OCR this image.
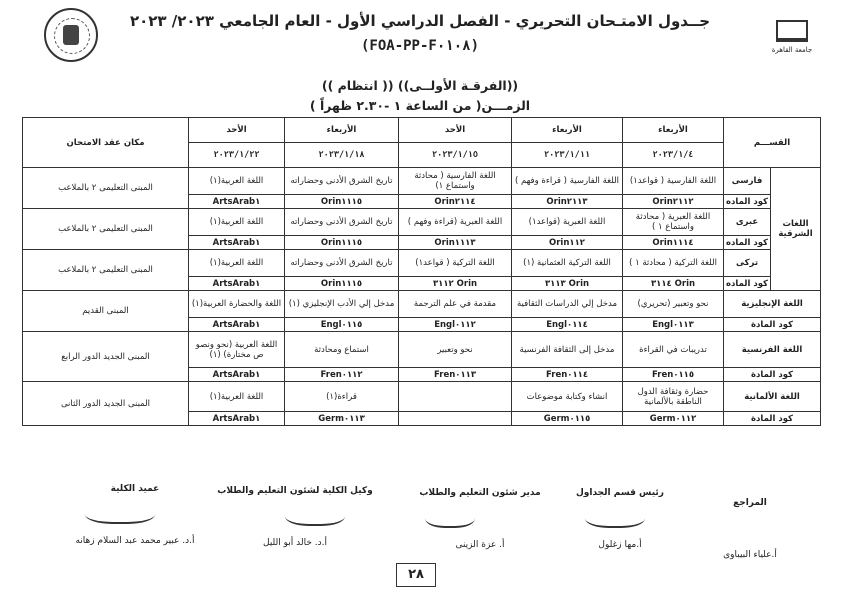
جامعة القاهرة
جــدول الامتـحان التحريري - الفصل الدراسي الأول - العام الجامعي ٢٠٢٣/ ٢٠٢٣
(FOA-PP-F٠١٠٨)
((الفرقـة الأولــى)) (( انتظام ))
الزمـــن( من الساعة ١ -٢.٣٠ ظهراً )
القســـم		الأربعاء	الأربعاء	الأحد	الأربعاء	الأحد	مكان عقد الامتحان
		٢٠٢٣/١/٤	٢٠٢٣/١/١١	٢٠٢٣/١/١٥	٢٠٢٣/١/١٨	٢٠٢٣/١/٢٢	
اللغات الشرقية	فارسى	اللغة الفارسية ( قواعد١)	اللغة الفارسية ( قراءة وفهم )	اللغة الفارسية ( محادثة واستماع ١)	تاريخ الشرق الأدنى وحضاراته	اللغة العربية(١)	المبنى التعليمى ٢ بالملاعب
	كود الماده	Orin٢١١٢	Orin٢١١٣	Orin٢١١٤	Orin١١١٥	ArtsArab١	
	عبرى	اللغة العبرية ( محادثة واستماع ١ )	اللغة العبرية (قواعد١)	اللغة العبرية (قراءة وفهم )	تاريخ الشرق الأدنى وحضاراته	اللغة العربية(١)	المبنى التعليمى ٢ بالملاعب
	كود الماده	Orin١١١٤	Orin١١٢	Orin١١١٣	Orin١١١٥	ArtsArab١	
	تركى	اللغة التركية ( محادثة ١ )	اللغة التركية العثمانية (١)	اللغة التركية ( قواعد١)	تاريخ الشرق الأدنى وحضاراته	اللغة العربية(١)	المبنى التعليمى ٢ بالملاعب
	كود الماده	Orin ٣١١٤	Orin ٣١١٣	Orin ٣١١٢	Orin١١١٥	ArtsArab١	
اللغة الإنجليزية		نحو وتعبير (تحريري)	مدخل إلي الدراسات الثقافية	مقدمة في علم الترجمة	مدخل إلي الأدب الإنجليزي (١)	اللغة والحضارة العربية(١)	المبنى القديم
كود المادة		Engl٠١١٣	Engl٠١١٤	Engl٠١١٢	Engl٠١١٥	ArtsArab١	
اللغة الفرنسية		تدريبات في القراءة	مدخل إلى الثقافة الفرنسية	نحو وتعبير	استماع ومحادثة	اللغة العربية (نحو ونصو ص مختارة) (١)	المبنى الجديد الدور الرابع
كود المادة		Fren٠١١٥	Fren٠١١٤	Fren٠١١٣	Fren٠١١٢	ArtsArab١	
اللغة الألمانية		حضارة وثقافة الدول الناطقة بالألمانية	انشاء وكتابة موضوعات		قراءة(١)	اللغة العربية(١)	المبنى الجديد الدور الثانى
كود المادة		Germ٠١١٢	Germ٠١١٥		Germ٠١١٣	ArtsArab١	
المراجع
أ.علياء البيباوى
رئيس قسم الجداول
أ.مها زغلول
مدير شئون التعليم والطلاب
أ. عزة الزينى
وكيل الكلية لشئون التعليم والطلاب
أ.د. خالد أبو الليل
عميد الكلية
أ.د. عبير محمد عبد السلام زهانه
٢٨
